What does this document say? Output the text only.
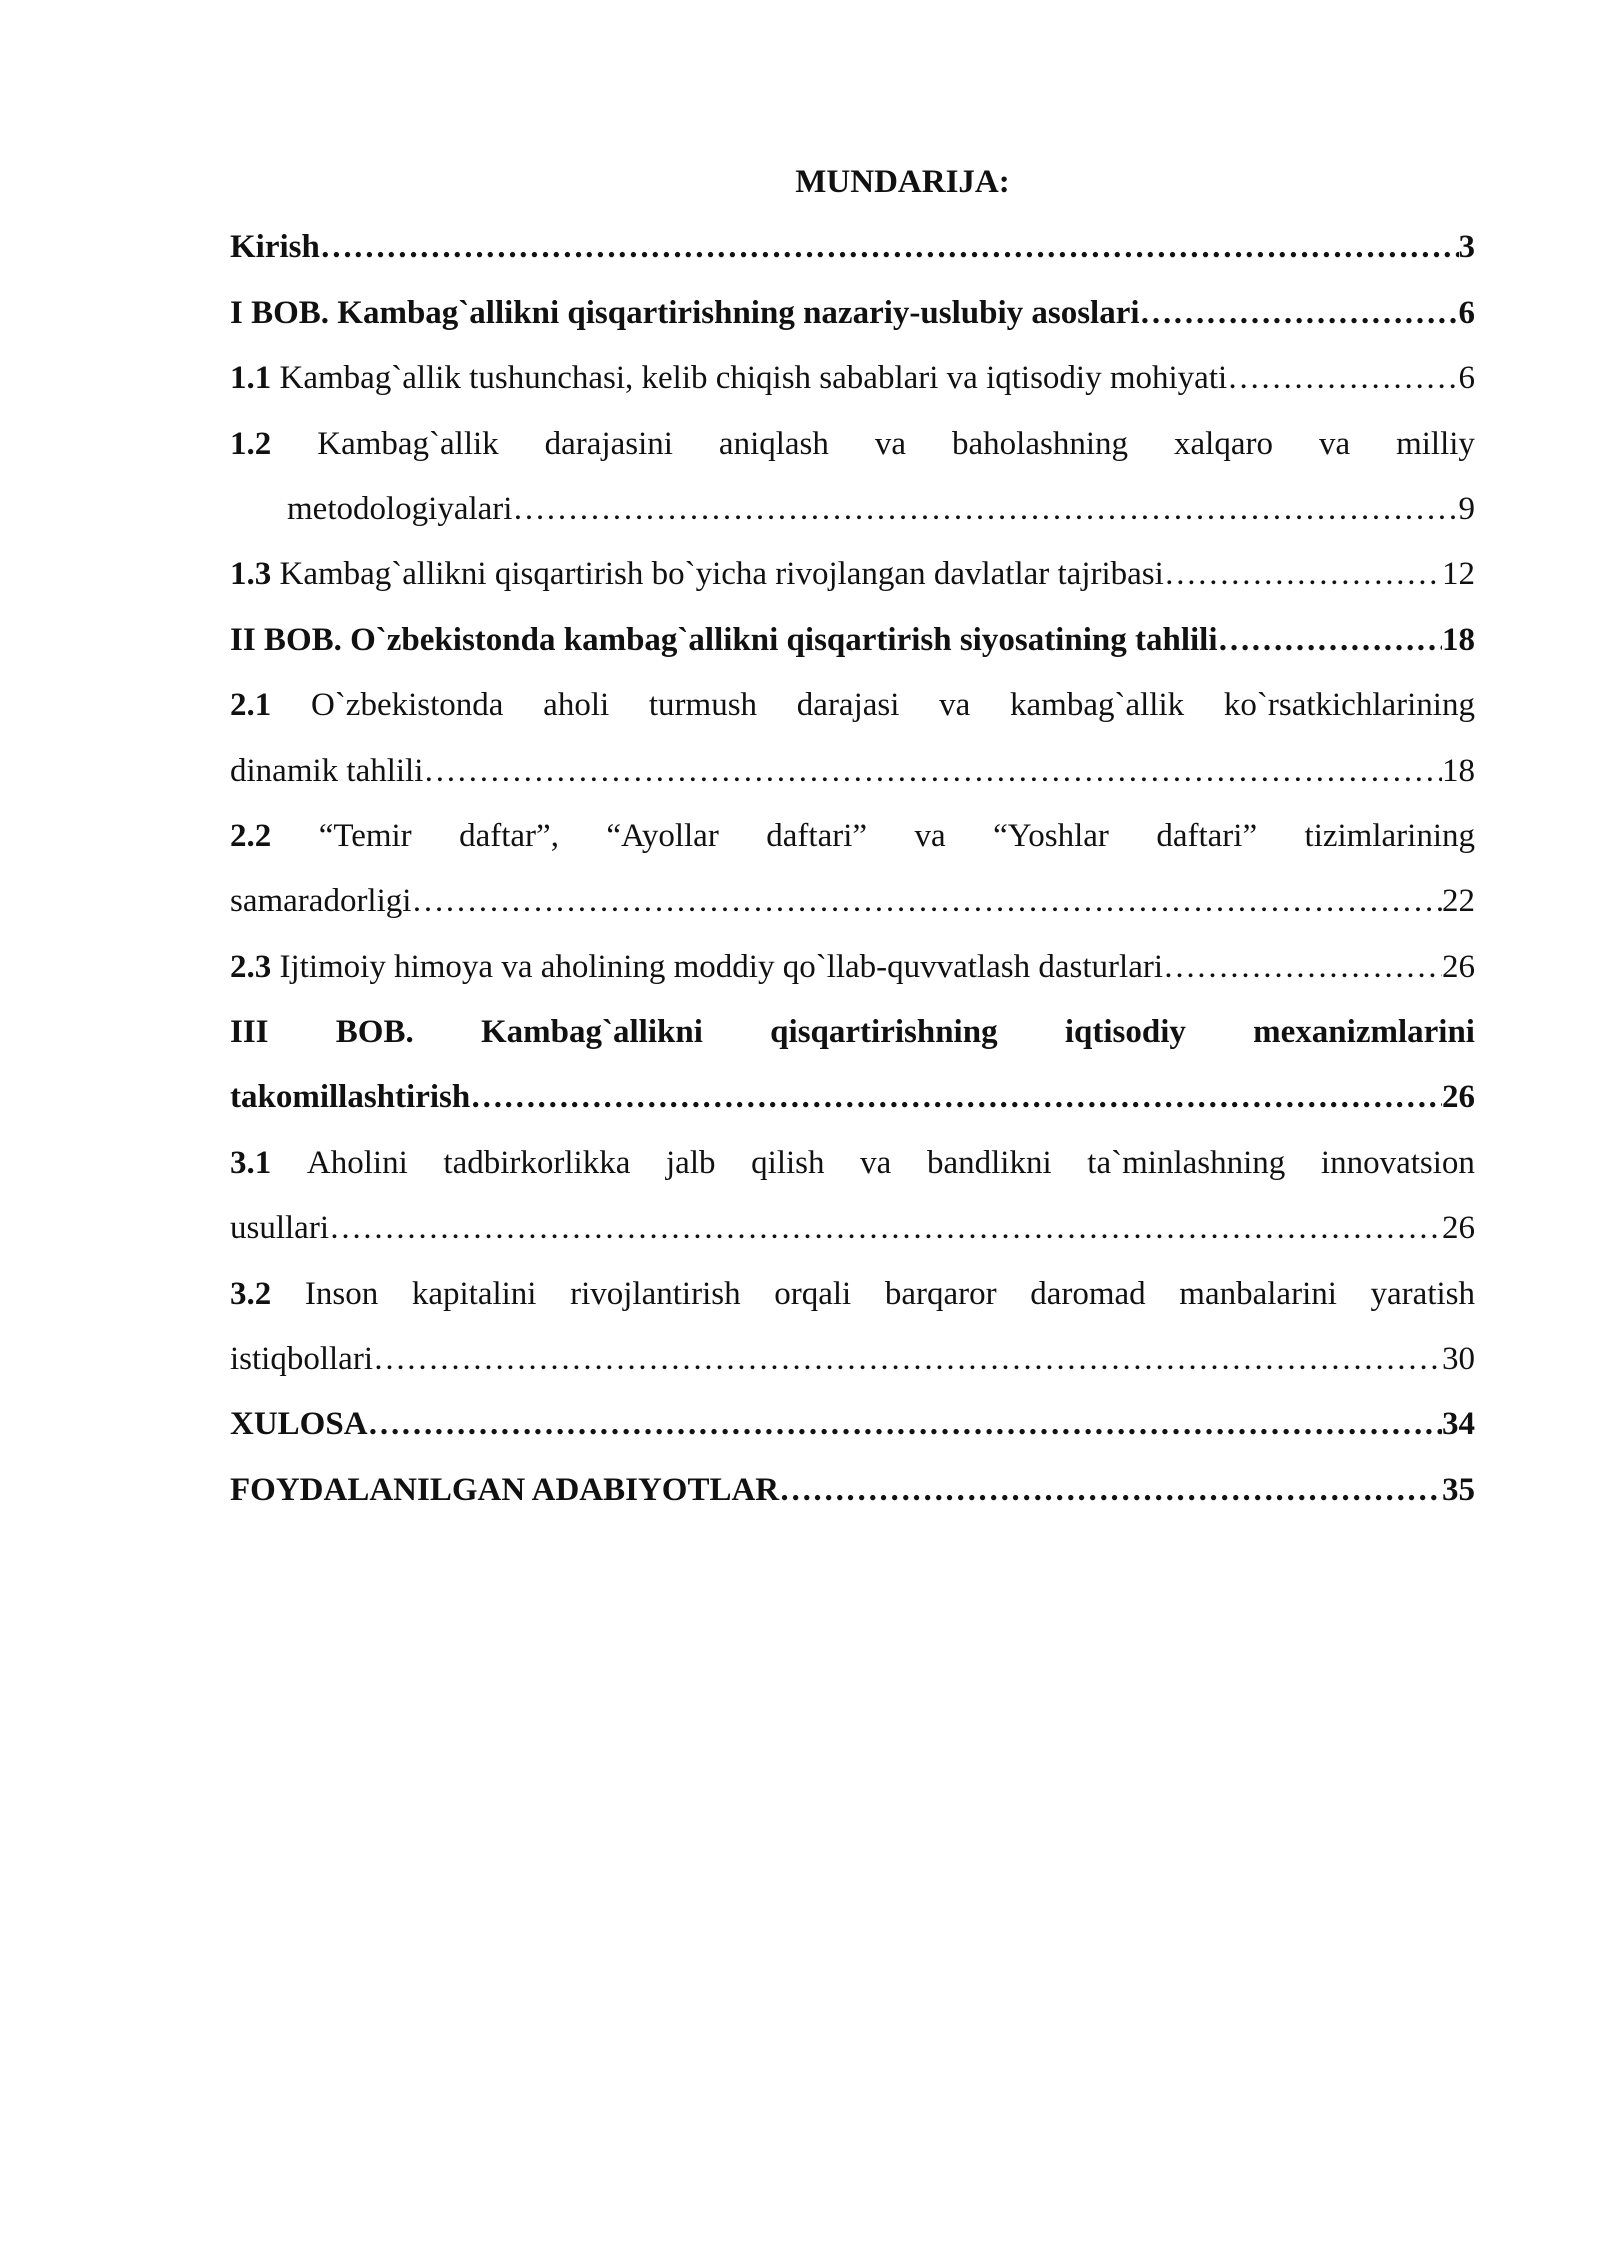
MUNDARIJA:
Kirish …………………………………………………………………………………………………………………………………………………………………………………………………………	3
I BOB. Kambag`allikni qisqartirishning nazariy-uslubiy asoslari …………………………………………………………………………………………………………………………………………………………………………………………………………	6
1.1 Kambag`allik tushunchasi, kelib chiqish sabablari va iqtisodiy mohiyati …………………………………………………………………………………………………………………………………………………………………………………………………………	6
1.2 Kambag`allik darajasini aniqlash va baholashning xalqaro va milliy
metodologiyalari …………………………………………………………………………………………………………………………………………………………………………………………………………	9
1.3 Kambag`allikni qisqartirish bo`yicha rivojlangan davlatlar tajribasi …………………………………………………………………………………………………………………………………………………………………………………………………………	12
II BOB. O`zbekistonda kambag`allikni qisqartirish siyosatining tahlili …………………………………………………………………………………………………………………………………………………………………………………………………………	18
2.1 O`zbekistonda aholi turmush darajasi va kambag`allik ko`rsatkichlarining
dinamik tahlili …………………………………………………………………………………………………………………………………………………………………………………………………………	18
2.2 “Temir daftar”, “Ayollar daftari” va “Yoshlar daftari” tizimlarining
samaradorligi …………………………………………………………………………………………………………………………………………………………………………………………………………	22
2.3 Ijtimoiy himoya va aholining moddiy qo`llab-quvvatlash dasturlari …………………………………………………………………………………………………………………………………………………………………………………………………………	26
III BOB. Kambag`allikni qisqartirishning iqtisodiy mexanizmlarini
takomillashtirish …………………………………………………………………………………………………………………………………………………………………………………………………………	26
3.1 Aholini tadbirkorlikka jalb qilish va bandlikni ta`minlashning innovatsion
usullari …………………………………………………………………………………………………………………………………………………………………………………………………………	26
3.2 Inson kapitalini rivojlantirish orqali barqaror daromad manbalarini yaratish
istiqbollari …………………………………………………………………………………………………………………………………………………………………………………………………………	30
XULOSA …………………………………………………………………………………………………………………………………………………………………………………………………………	34
FOYDALANILGAN ADABIYOTLAR …………………………………………………………………………………………………………………………………………………………………………………………………………	35
